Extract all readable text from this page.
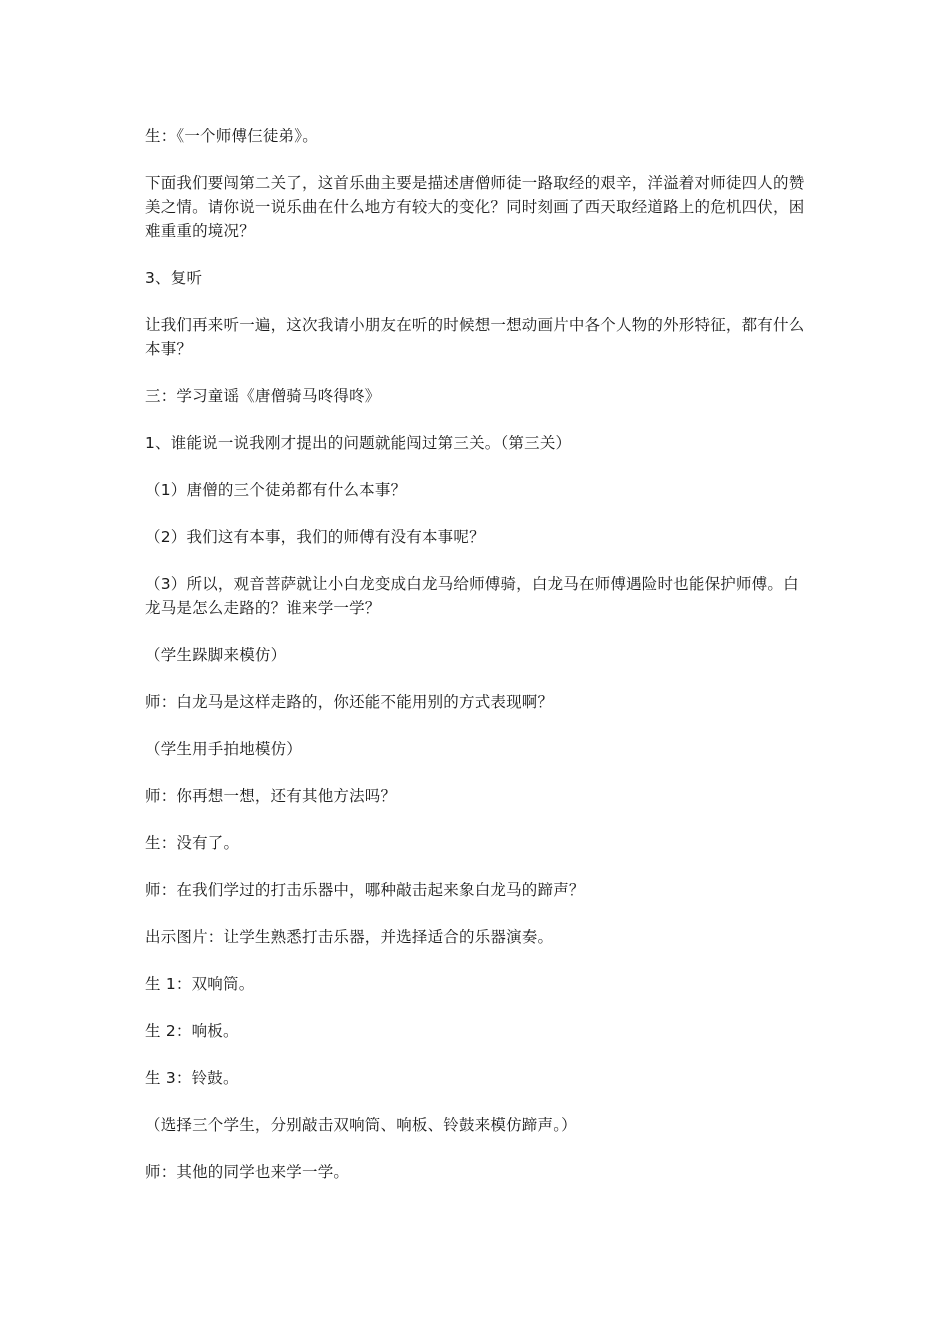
生：《一个师傅仨徒弟》。

下面我们要闯第二关了，这首乐曲主要是描述唐僧师徒一路取经的艰辛，洋溢着对师徒四人的赞美之情。请你说一说乐曲在什么地方有较大的变化？同时刻画了西天取经道路上的危机四伏，困难重重的境况？

3、复听

让我们再来听一遍，这次我请小朋友在听的时候想一想动画片中各个人物的外形特征，都有什么本事？

三：学习童谣《唐僧骑马咚得咚》

1、谁能说一说我刚才提出的问题就能闯过第三关。（第三关）

（1）唐僧的三个徒弟都有什么本事？

（2）我们这有本事，我们的师傅有没有本事呢？

（3）所以，观音菩萨就让小白龙变成白龙马给师傅骑，白龙马在师傅遇险时也能保护师傅。白龙马是怎么走路的？谁来学一学？

（学生跺脚来模仿）

师：白龙马是这样走路的，你还能不能用别的方式表现啊？

（学生用手拍地模仿）

师：你再想一想，还有其他方法吗？

生：没有了。

师：在我们学过的打击乐器中，哪种敲击起来象白龙马的蹄声？

出示图片：让学生熟悉打击乐器，并选择适合的乐器演奏。

生 1：双响筒。

生 2：响板。

生 3：铃鼓。

（选择三个学生，分别敲击双响筒、响板、铃鼓来模仿蹄声。）

师：其他的同学也来学一学。
